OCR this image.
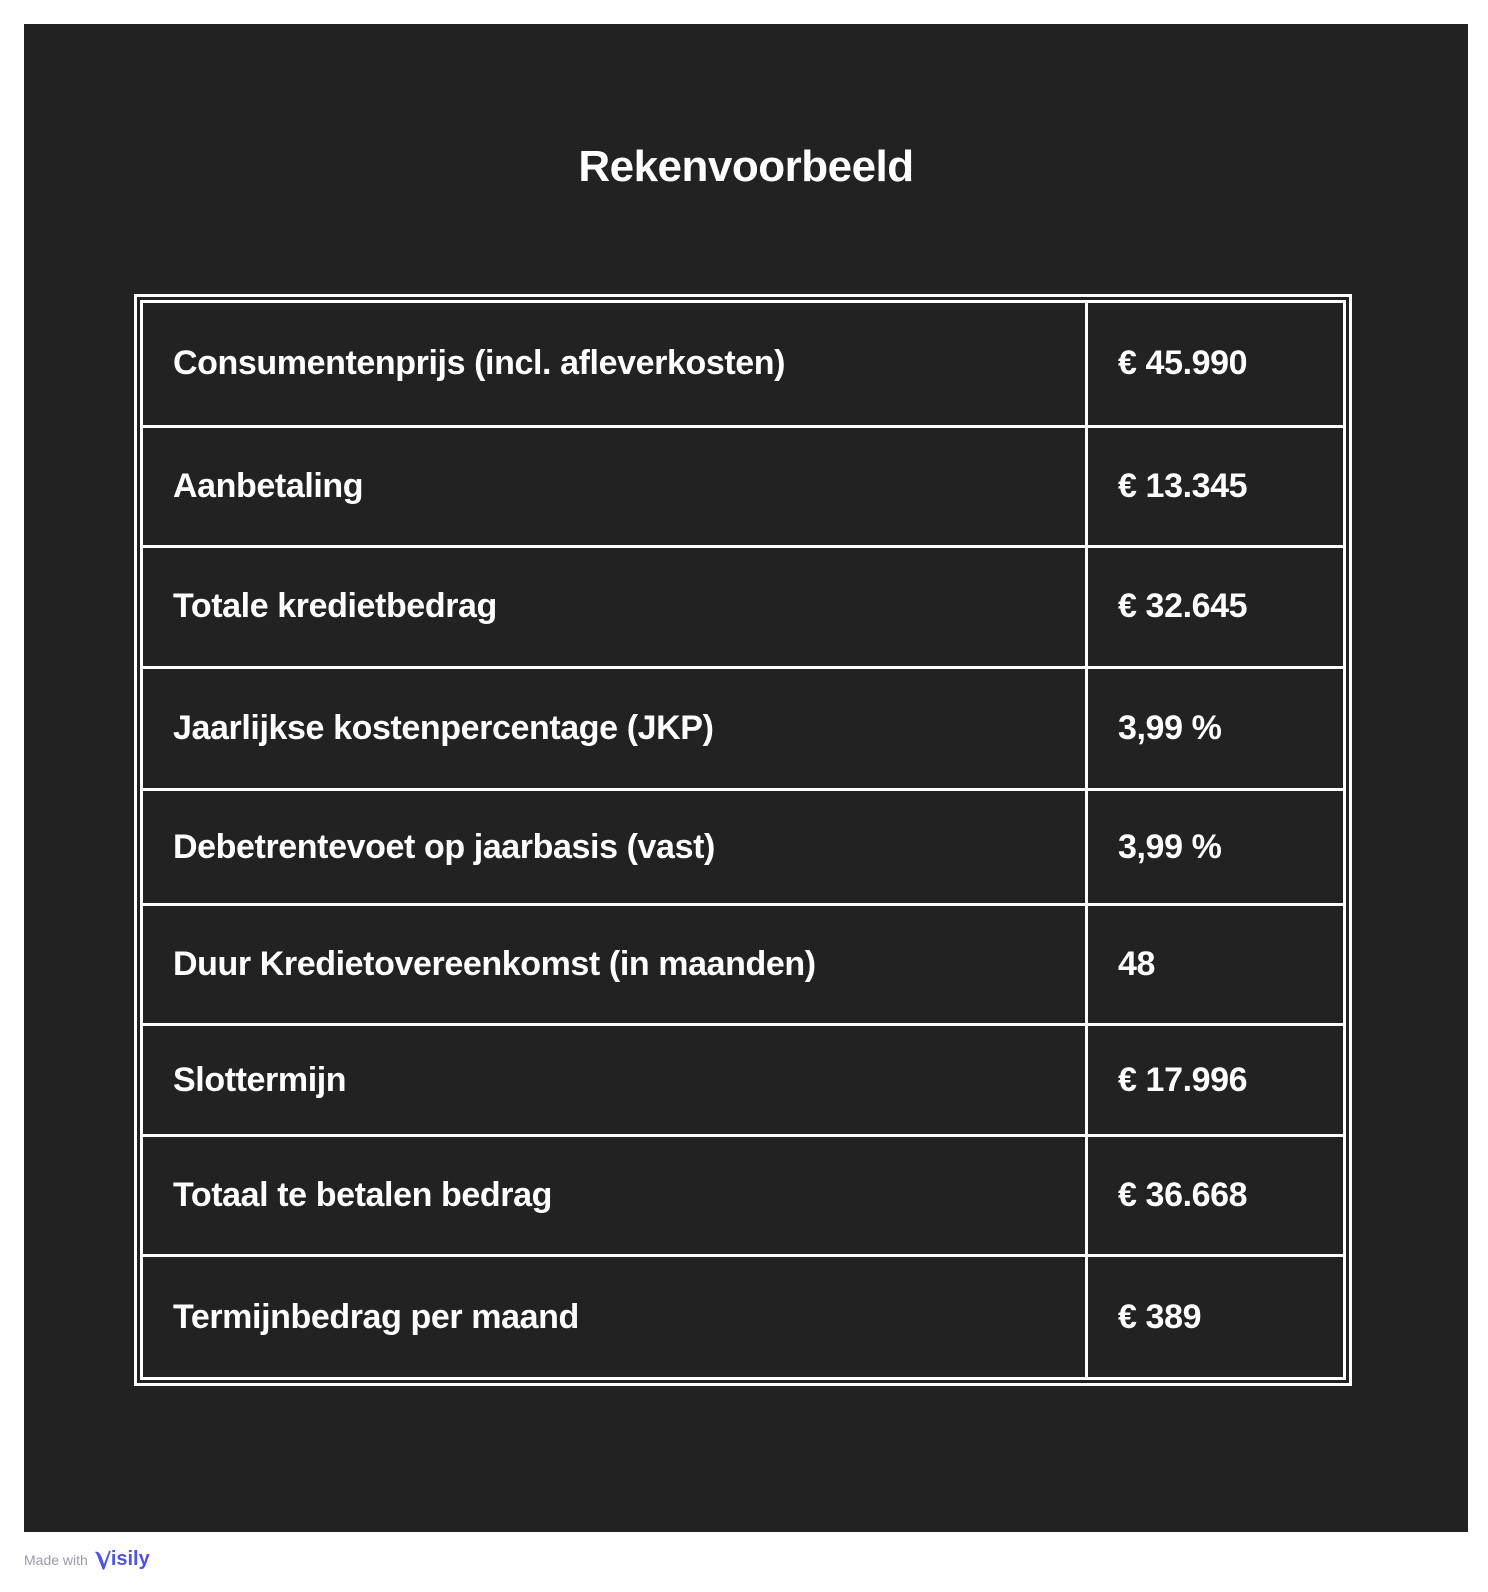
Rekenvoorbeeld
Consumentenprijs (incl. afleverkosten)	€ 45.990
Aanbetaling	€ 13.345
Totale kredietbedrag	€ 32.645
Jaarlijkse kostenpercentage (JKP)	3,99 %
Debetrentevoet op jaarbasis (vast)	3,99 %
Duur Kredietovereenkomst (in maanden)	48
Slottermijn	€ 17.996
Totaal te betalen bedrag	€ 36.668
Termijnbedrag per maand	€ 389
Made with isily
